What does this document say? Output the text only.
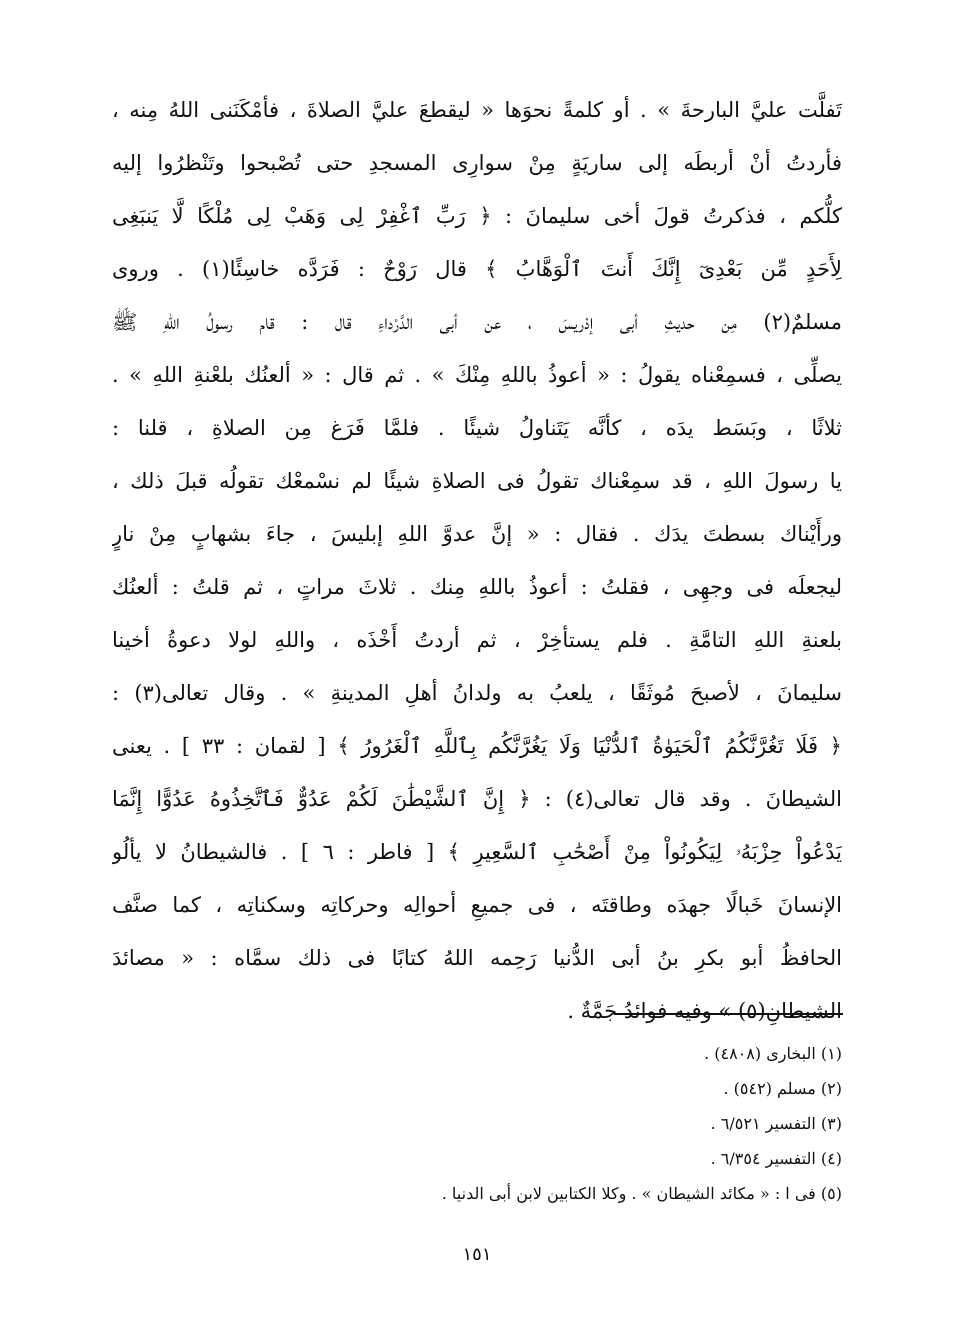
تَفلَّت عليَّ البارحةَ » . أو كلمةً نحوَها « ليقطعَ عليَّ الصلاةَ ، فأمْكَنَنى اللهُ مِنه ،
فأردتُ أنْ أربطَه إلى ساريَةٍ مِنْ سوارِى المسجدِ حتى تُصْبحوا وتَنْظرُوا إليه
كلُّكم ، فذكرتُ قولَ أخى سليمانَ : ﴿ رَبِّ ٱغْفِرْ لِى وَهَبْ لِى مُلْكًا لَّا يَنبَغِى
لِأَحَدٍ مِّن بَعْدِىٓ إِنَّكَ أَنتَ ٱلْوَهَّابُ ﴾ قال رَوْحٌ : فَرَدَّه خاسِئًا(١) . وروى
مسلمٌ(٢) مِن حديثِ أبى إدْريسَ ، عن أبى الدَّرْداءِ قال : قام رسولُ اللهِ ﷺ
يصلِّى ، فسمِعْناه يقولُ : « أعوذُ باللهِ مِنْكَ » . ثم قال : « ألعنُك بلعْنةِ اللهِ » .
ثلاثًا ، وبَسَط يدَه ، كأنَّه يَتَناولُ شيئًا . فلمَّا فَرَغ مِن الصلاةِ ، قلنا :
يا رسولَ اللهِ ، قد سمِعْناك تقولُ فى الصلاةِ شيئًا لم نسْمعْك تقولُه قبلَ ذلك ،
ورأَيْناك بسطتَ يدَك . فقال : « إنَّ عدوَّ اللهِ إبليسَ ، جاءَ بشهابٍ مِنْ نارٍ
ليجعلَه فى وجهِى ، فقلتُ : أعوذُ باللهِ مِنك . ثلاثَ مراتٍ ، ثم قلتُ : ألعنُك
بلعنةِ اللهِ التامَّةِ . فلم يستأخِرْ ، ثم أردتُ أَخْذَه ، واللهِ لولا دعوةُ أخينا
سليمانَ ، لأصبحَ مُوثَقًا ، يلعبُ به ولدانُ أهلِ المدينةِ » . وقال تعالى(٣) :
﴿ فَلَا تَغُرَّنَّكُمُ ٱلْحَيَوٰةُ ٱلدُّنْيَا وَلَا يَغُرَّنَّكُم بِٱللَّهِ ٱلْغَرُورُ ﴾ [ لقمان : ٣٣ ] . يعنى
الشيطانَ . وقد قال تعالى(٤) : ﴿ إِنَّ ٱلشَّيْطَٰنَ لَكُمْ عَدُوٌّ فَٱتَّخِذُوهُ عَدُوًّا إِنَّمَا
يَدْعُواْ حِزْبَهُۥ لِيَكُونُواْ مِنْ أَصْحَٰبِ ٱلسَّعِيرِ ﴾ [ فاطر : ٦ ] . فالشيطانُ لا يألُو
الإنسانَ خَبالًا جهدَه وطاقتَه ، فى جميعِ أحوالِه وحركاتِه وسكناتِه ، كما صنَّف
الحافظُ أبو بكرِ بنُ أبى الدُّنيا رَحِمه اللهُ كتابًا فى ذلك سمَّاه : « مصائدَ
الشيطانِ(٥) » وفيه فوائدُ جَمَّةٌ .
(١) البخارى (٤٨٠٨) .
(٢) مسلم (٥٤٢) .
(٣) التفسير ٦/٥٢١ .
(٤) التفسير ٦/٣٥٤ .
(٥) فى ا : « مكائد الشيطان » . وكلا الكتابين لابن أبى الدنيا .
١٥١
